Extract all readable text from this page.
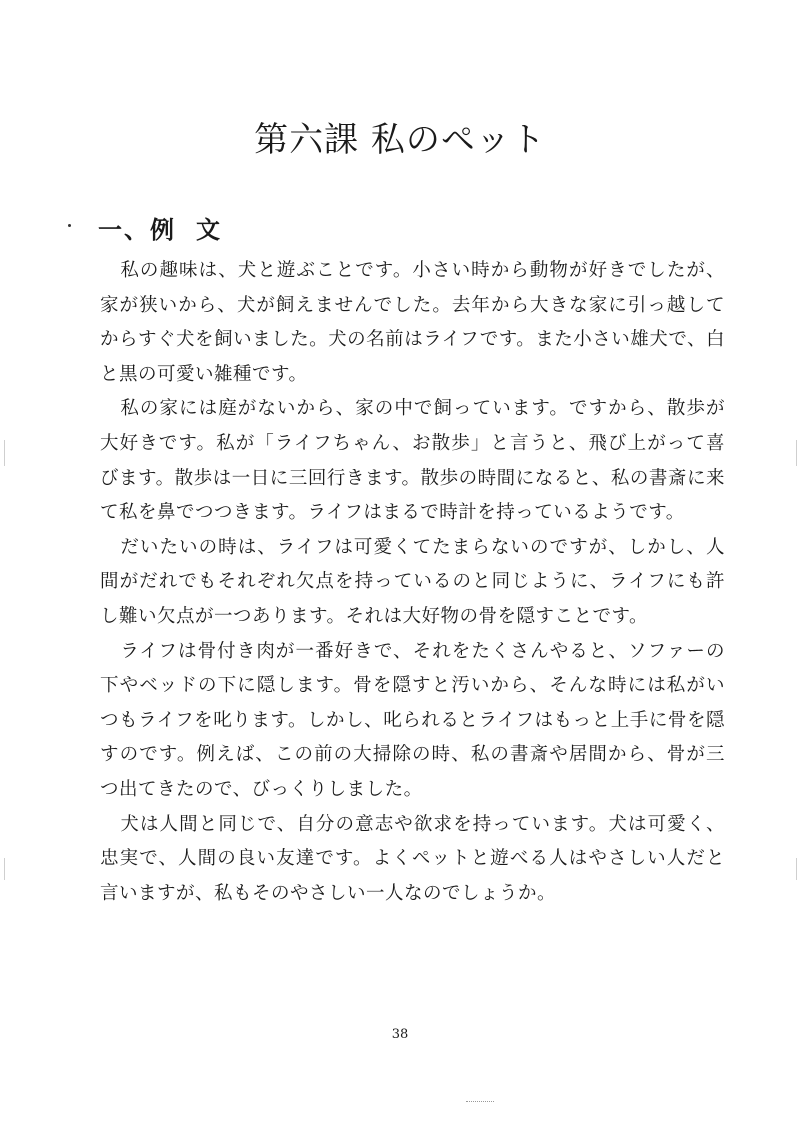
第六課 私のペット
一、例 文

私の趣味は、犬と遊ぶことです。小さい時から動物が好きでしたが、家が狭いから、犬が飼えませんでした。去年から大きな家に引っ越してからすぐ犬を飼いました。犬の名前はライフです。また小さい雄犬で、白と黒の可愛い雑種です。

私の家には庭がないから、家の中で飼っています。ですから、散歩が大好きです。私が「ライフちゃん、お散歩」と言うと、飛び上がって喜びます。散歩は一日に三回行きます。散歩の時間になると、私の書斎に来て私を鼻でつつきます。ライフはまるで時計を持っているようです。

だいたいの時は、ライフは可愛くてたまらないのですが、しかし、人間がだれでもそれぞれ欠点を持っているのと同じように、ライフにも許し難い欠点が一つあります。それは大好物の骨を隠すことです。

ライフは骨付き肉が一番好きで、それをたくさんやると、ソファーの下やベッドの下に隠します。骨を隠すと汚いから、そんな時には私がいつもライフを叱ります。しかし、叱られるとライフはもっと上手に骨を隠すのです。例えば、この前の大掃除の時、私の書斎や居間から、骨が三つ出てきたので、びっくりしました。

犬は人間と同じで、自分の意志や欲求を持っています。犬は可愛く、忠実で、人間の良い友達です。よくペットと遊べる人はやさしい人だと言いますが、私もそのやさしい一人なのでしょうか。

38
